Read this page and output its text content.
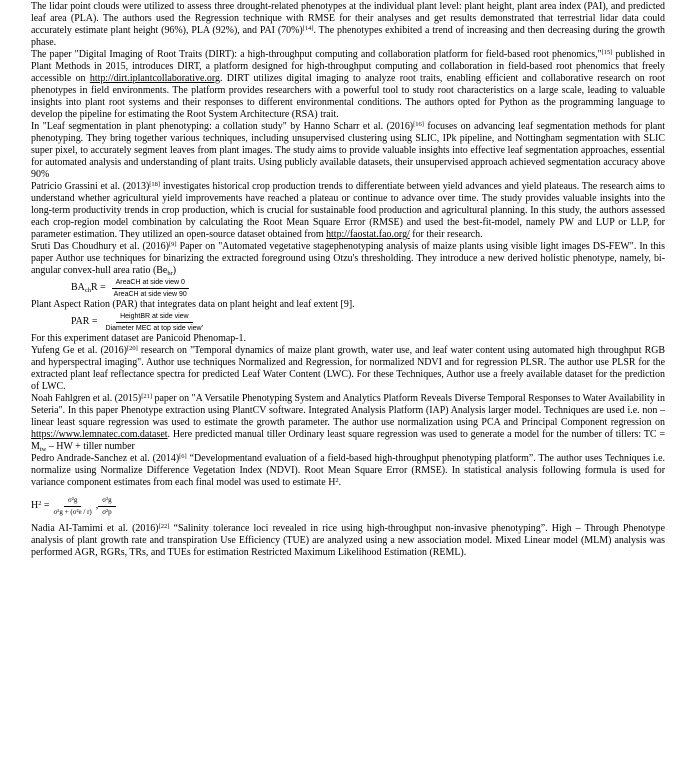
The lidar point clouds were utilized to assess three drought-related phenotypes at the individual plant level: plant height, plant area index (PAI), and predicted leaf area (PLA). The authors used the Regression technique with RMSE for their analyses and get results demonstrated that terrestrial lidar data could accurately estimate plant height (96%), PLA (92%), and PAI (70%)[14]. The phenotypes exhibited a trend of increasing and then decreasing during the growth phase.

The paper "Digital Imaging of Root Traits (DIRT): a high-throughput computing and collaboration platform for field-based root phenomics,"[15] published in Plant Methods in 2015, introduces DIRT, a platform designed for high-throughput computing and collaboration in field-based root phenomics that freely accessible on http://dirt.iplantcollaborative.org. DIRT utilizes digital imaging to analyze root traits, enabling efficient and collaborative research on root phenotypes in field environments. The platform provides researchers with a powerful tool to study root characteristics on a large scale, leading to valuable insights into plant root systems and their responses to different environmental conditions. The authors opted for Python as the programming language to develop the pipeline for estimating the Root System Architecture (RSA) trait.

In "Leaf segmentation in plant phenotyping: a collation study" by Hanno Scharr et al. (2016)[16] focuses on advancing leaf segmentation methods for plant phenotyping. They bring together various techniques, including unsupervised clustering using SLIC, IPk pipeline, and Nottingham segmentation with SLIC super pixel, to accurately segment leaves from plant images. The study aims to provide valuable insights into effective leaf segmentation approaches, essential for automated analysis and understanding of plant traits. Using publicly available datasets, their unsupervised approach achieved segmentation accuracy above 90%

Patricio Grassini et al. (2013)[18] investigates historical crop production trends to differentiate between yield advances and yield plateaus. The research aims to understand whether agricultural yield improvements have reached a plateau or continue to advance over time. The study provides valuable insights into the long-term productivity trends in crop production, which is crucial for sustainable food production and agricultural planning. In this study, the authors assessed each crop-region model combination by calculating the Root Mean Square Error (RMSE) and used the best-fit-model, namely PW and LUP or LLP, for parameter estimation. They utilized an open-source dataset obtained from http://faostat.fao.org/ for their research.

Sruti Das Choudhury et al. (2016)[9] Paper on "Automated vegetative stagephenotyping analysis of maize plants using visible light images DS-FEW". In this paper Author use techniques for binarizing the extracted foreground using Otzu's thresholding. They introduce a new derived holistic phenotype, namely, bi-angular convex-hull area ratio $(Be_{hr})$

$BA_{ch}R = \frac{\text{AreaCH at side view 0}}{\text{AreaCH at side view 90}}$

Plant Aspect Ration (PAR) that integrates data on plant height and leaf extent [9].

PAR = $\frac{\text{HeightBR at side view}}{\text{Diameter MEC at top side view’}}$

For this experiment dataset are Panicoid Phenomap-1.

Yufeng Ge et al. (2016)[20] research on "Temporal dynamics of maize plant growth, water use, and leaf water content using automated high throughput RGB and hyperspectral imaging". Author use techniques Normalized and Regression, for normalized NDVI and for regression PLSR. The author use PLSR for the extracted plant leaf reflectance spectra for predicted Leaf Water Content (LWC). For these Techniques, Author use a freely available dataset for the prediction of LWC.

Noah Fahlgren et al. (2015)[21] paper on "A Versatile Phenotyping System and Analytics Platform Reveals Diverse Temporal Responses to Water Availability in Seteria". In this paper Phenotype extraction using PlantCV software. Integrated Analysis Platform (IAP) Analysis larger model. Techniques are used i.e. non – linear least square regression was used to estimate the growth parameter. The author use normalization using PCA and Principal Component regression on https://www.lemnatec.com.dataset. Here predicted manual tiller Ordinary least square regression was used to generate a model for the number of tillers: TC = $M_{tw}$ – HW + tiller number

Pedro Andrade-Sanchez et al. (2014)[6] “Developmentand evaluation of a field-based high-throughput phenotyping platform”. The author uses Techniques i.e. normalize using Normalize Difference Vegetation Index (NDVI). Root Mean Square Error (RMSE). In statistical analysis following formula is used for variance component estimates from each final model was used to estimate $H^2$.

$H^2 = \frac{\text{σ²g}}{\text{σ²g + (σ²e / r)}}$ , $\frac{\text{σ²g}}{\text{σ²p}}$

Nadia AI-Tamimi et al. (2016)[22] “Salinity tolerance loci revealed in rice using high-throughput non-invasive phenotyping”. High – Through Phenotype analysis of plant growth rate and transpiration Use Efficiency (TUE) are analyzed using a new association model. Mixed Linear model (MLM) analysis was performed AGR, RGRs, TRs, and TUEs for estimation Restricted Maximum Likelihood Estimation (REML).
